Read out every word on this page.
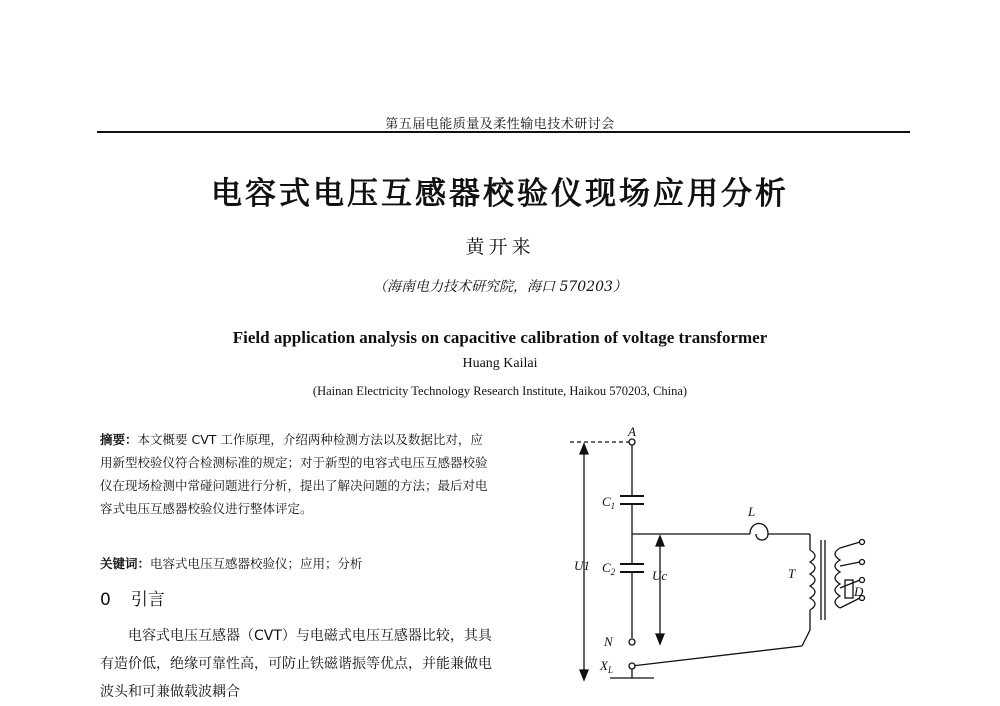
第五届电能质量及柔性输电技术研讨会
电容式电压互感器校验仪现场应用分析
黄开来
（海南电力技术研究院，海口 570203）
Field application analysis on capacitive calibration of voltage transformer
Huang Kailai
(Hainan Electricity Technology Research Institute, Haikou 570203, China)
摘要：本文概要 CVT 工作原理，介绍两种检测方法以及数据比对，应用新型校验仪符合检测标准的规定；对于新型的电容式电压互感器校验仪在现场检测中常碰问题进行分析，提出了解决问题的方法；最后对电容式电压互感器校验仪进行整体评定。
关键词：电容式电压互感器校验仪；应用；分析
0 引言
电容式电压互感器（CVT）与电磁式电压互感器比较，其具有造价低，绝缘可靠性高，可防止铁磁谐振等优点，并能兼做电波头和可兼做载波耦合
A
$C_1$
$C_2$
U1
Uc
L
T
D
N
$X_L$
